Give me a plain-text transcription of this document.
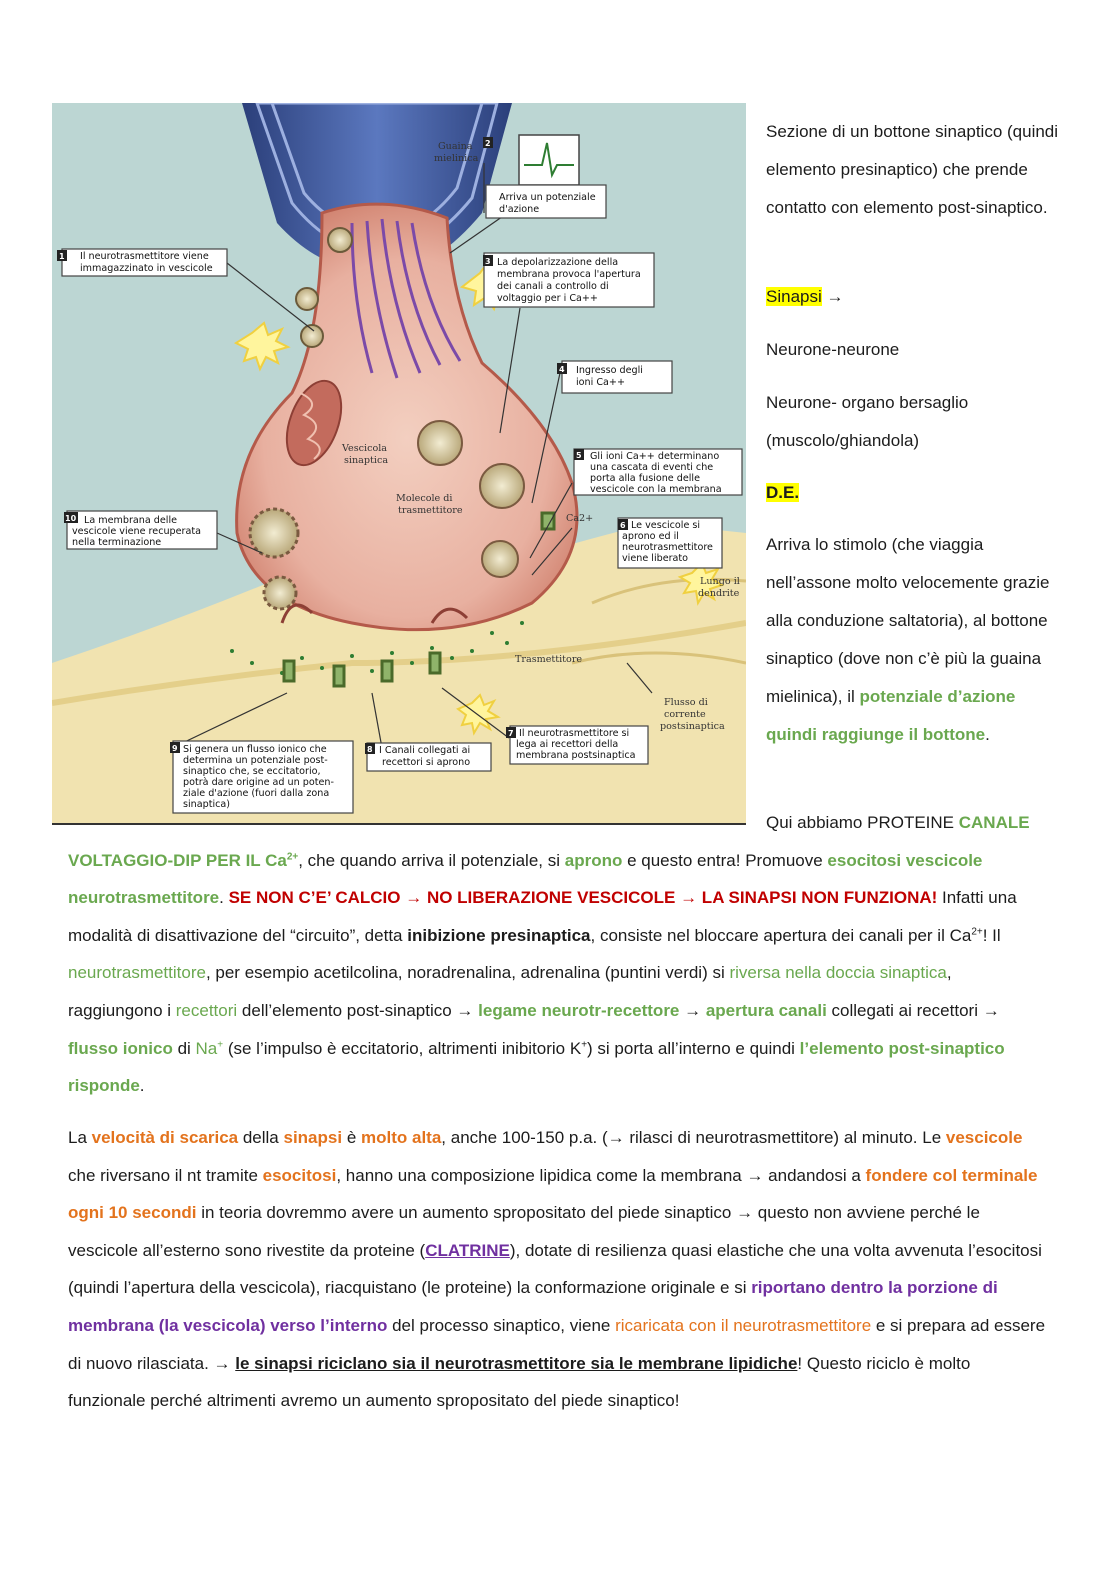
1
2
3
4
5
6
7
8
9
10
Il neurotrasmettitore viene
immagazzinato in vescicole
Arriva un potenziale
d'azione
La depolarizzazione della
membrana provoca l'apertura
dei canali a controllo di
voltaggio per i Ca++
Ingresso degli
ioni Ca++
Gli ioni Ca++ determinano
una cascata di eventi che
porta alla fusione delle
vescicole con la membrana
La membrana delle
vescicole viene recuperata
nella terminazione
Le vescicole si
aprono ed il
neurotrasmettitore
viene liberato
Il neurotrasmettitore si
lega ai recettori della
membrana postsinaptica
I Canali collegati ai
recettori si aprono
Si genera un flusso ionico che
determina un potenziale post-
sinaptico che, se eccitatorio,
potrà dare origine ad un poten-
ziale d'azione (fuori dalla zona
sinaptica)
Guaina
mielinica
Vescicola
sinaptica
Molecole di
trasmettitore
Ca2+
Lungo il
dendrite
Trasmettitore
Flusso di
corrente
postsinaptica

Sezione di un bottone sinaptico (quindi elemento presinaptico) che prende contatto con elemento post-sinaptico.

Sinapsi →

Neurone-neurone

Neurone- organo bersaglio (muscolo/ghiandola)

D.E.

Arriva lo stimolo (che viaggia nell’assone molto velocemente grazie alla conduzione saltatoria), al bottone sinaptico (dove non c’è più la guaina mielinica), il potenziale d’azione quindi raggiunge il bottone.

Qui abbiamo PROTEINE CANALE
VOLTAGGIO-DIP PER IL $Ca^{2+}$, che quando arriva il potenziale, si aprono e questo entra! Promuove esocitosi vescicole neurotrasmettitore. SE NON C’E’ CALCIO → NO LIBERAZIONE VESCICOLE → LA SINAPSI NON FUNZIONA! Infatti una modalità di disattivazione del “circuito”, detta inibizione presinaptica, consiste nel bloccare apertura dei canali per il $Ca^{2+}$! Il neurotrasmettitore, per esempio acetilcolina, noradrenalina, adrenalina (puntini verdi) si riversa nella doccia sinaptica, raggiungono i recettori dell’elemento post-sinaptico → legame neurotr-recettore → apertura canali collegati ai recettori → flusso ionico di Na+ (se l’impulso è eccitatorio, altrimenti inibitorio K+) si porta all’interno e quindi l’elemento post-sinaptico risponde.

La velocità di scarica della sinapsi è molto alta, anche 100-150 p.a. (→ rilasci di neurotrasmettitore) al minuto. Le vescicole che riversano il nt tramite esocitosi, hanno una composizione lipidica come la membrana → andandosi a fondere col terminale ogni 10 secondi in teoria dovremmo avere un aumento spropositato del piede sinaptico → questo non avviene perché le vescicole all’esterno sono rivestite da proteine (CLATRINE), dotate di resilienza quasi elastiche che una volta avvenuta l’esocitosi (quindi l’apertura della vescicola), riacquistano (le proteine) la conformazione originale e si riportano dentro la porzione di membrana (la vescicola) verso l’interno del processo sinaptico, viene ricaricata con il neurotrasmettitore e si prepara ad essere di nuovo rilasciata. → le sinapsi riciclano sia il neurotrasmettitore sia le membrane lipidiche! Questo riciclo è molto funzionale perché altrimenti avremo un aumento spropositato del piede sinaptico!
